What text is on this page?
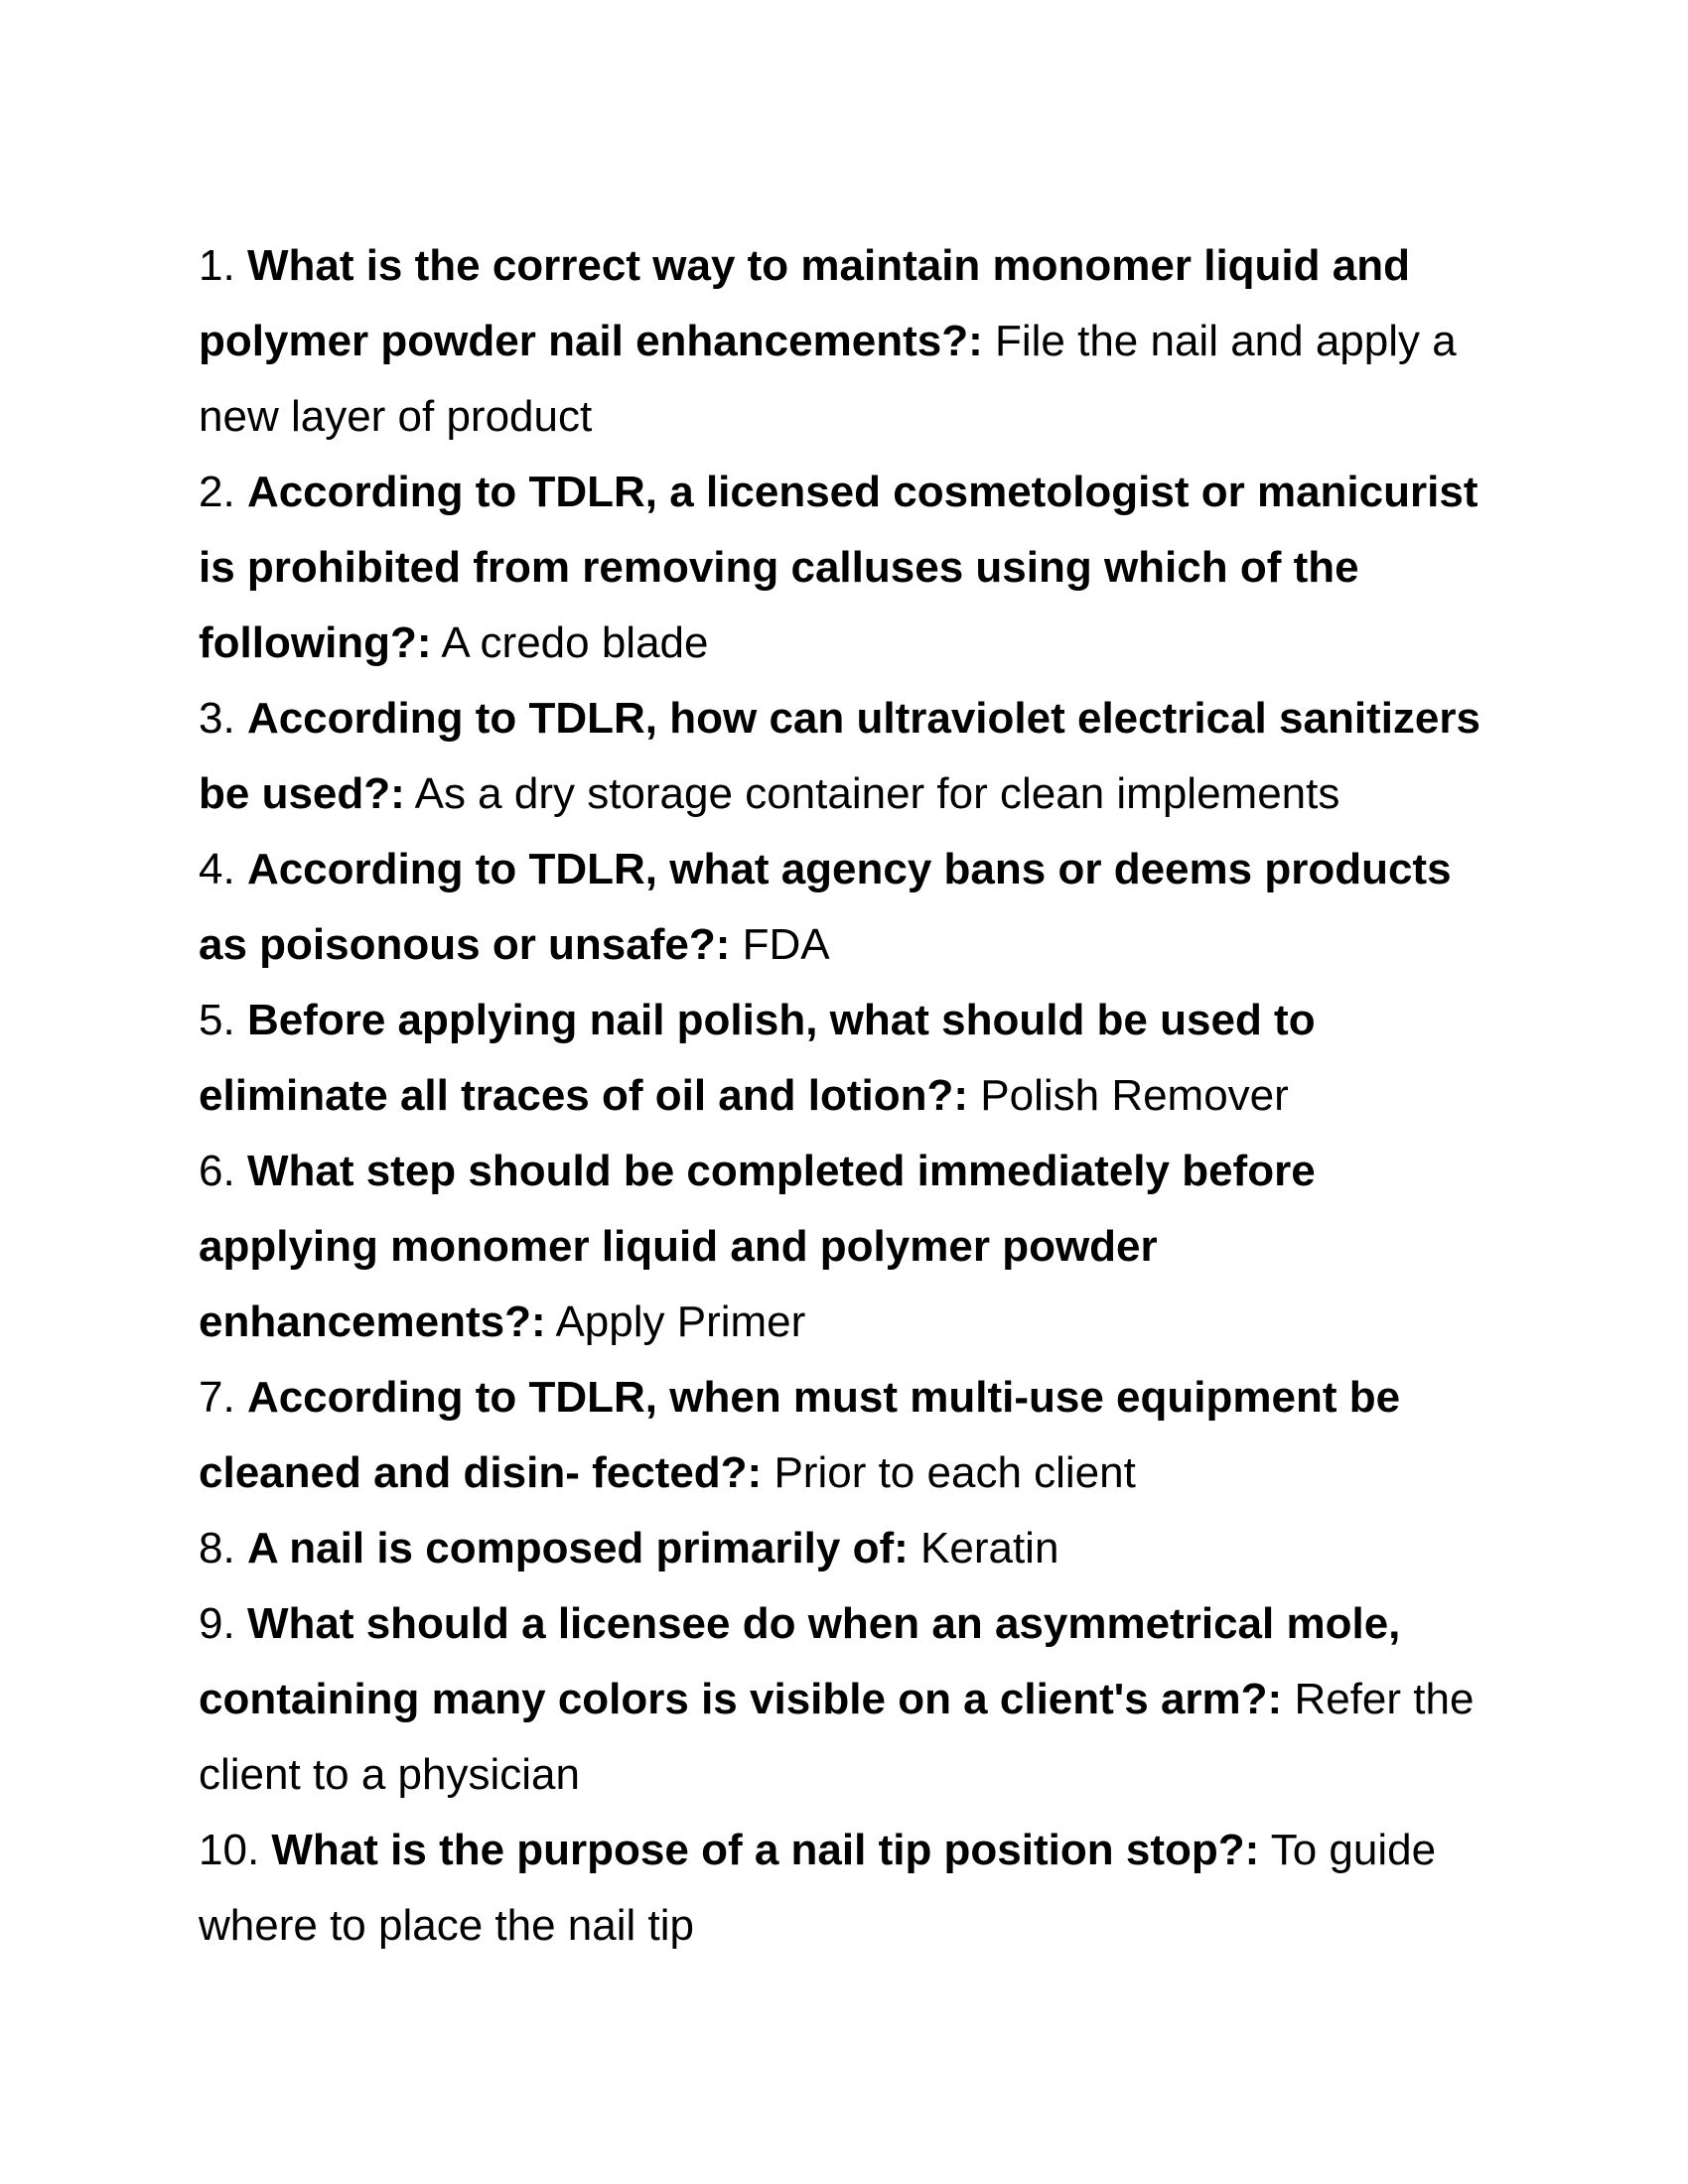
1. What is the correct way to maintain monomer liquid and polymer powder nail enhancements?: File the nail and apply a new layer of product

2. According to TDLR, a licensed cosmetologist or manicurist is prohibited from removing calluses using which of the following?: A credo blade

3. According to TDLR, how can ultraviolet electrical sanitizers be used?: As a dry storage container for clean implements

4. According to TDLR, what agency bans or deems products as poisonous or unsafe?: FDA

5. Before applying nail polish, what should be used to eliminate all traces of oil and lotion?: Polish Remover

6. What step should be completed immediately before applying monomer liquid and polymer powder enhancements?: Apply Primer

7. According to TDLR, when must multi-use equipment be cleaned and disin- fected?: Prior to each client

8. A nail is composed primarily of: Keratin

9. What should a licensee do when an asymmetrical mole, containing many colors is visible on a client's arm?: Refer the client to a physician

10. What is the purpose of a nail tip position stop?: To guide where to place the nail tip
